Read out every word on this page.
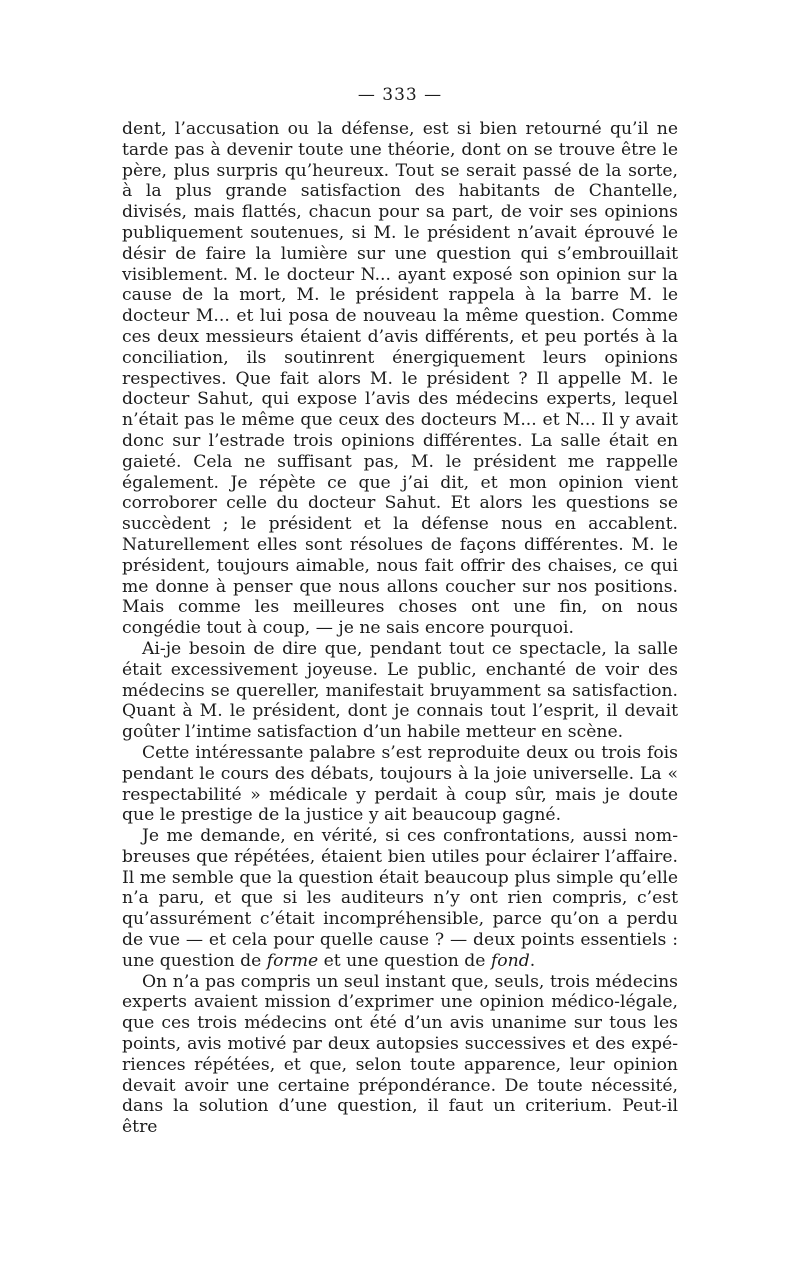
— 333 —

dent, l’accusation ou la défense, est si bien retourné qu’il ne tarde pas à devenir toute une théorie, dont on se trouve être le père, plus surpris qu’heureux. Tout se serait passé de la sorte, à la plus grande satisfaction des habitants de Chantelle, divisés, mais flattés, chacun pour sa part, de voir ses opinions publiquement soutenues, si M. le président n’avait éprouvé le désir de faire la lumière sur une question qui s’embrouillait visiblement. M. le docteur N... ayant exposé son opinion sur la cause de la mort, M. le président rappela à la barre M. le docteur M... et lui posa de nouveau la même question. Comme ces deux messieurs étaient d’avis différents, et peu portés à la conciliation, ils soutinrent énergiquement leurs opinions respectives. Que fait alors M. le président ? Il appelle M. le docteur Sahut, qui expose l’avis des médecins experts, lequel n’était pas le même que ceux des docteurs M... et N... Il y avait donc sur l’estrade trois opinions différentes. La salle était en gaieté. Cela ne suffisant pas, M. le président me rappelle également. Je répète ce que j’ai dit, et mon opinion vient corroborer celle du docteur Sahut. Et alors les questions se succèdent ; le président et la défense nous en accablent. Naturellement elles sont résolues de façons différentes. M. le président, toujours aimable, nous fait offrir des chaises, ce qui me donne à penser que nous allons coucher sur nos positions. Mais comme les meilleures choses ont une fin, on nous congédie tout à coup, — je ne sais encore pourquoi.

Ai-je besoin de dire que, pendant tout ce spectacle, la salle était excessivement joyeuse. Le public, enchanté de voir des médecins se quereller, manifestait bruyamment sa satisfaction. Quant à M. le président, dont je connais tout l’esprit, il devait goûter l’intime satisfaction d’un habile metteur en scène.

Cette intéressante palabre s’est reproduite deux ou trois fois pendant le cours des débats, toujours à la joie universelle. La « respectabilité » médicale y perdait à coup sûr, mais je doute que le prestige de la justice y ait beaucoup gagné.

Je me demande, en vérité, si ces confrontations, aussi nombreuses que répétées, étaient bien utiles pour éclairer l’affaire. Il me semble que la question était beaucoup plus simple qu’elle n’a paru, et que si les auditeurs n’y ont rien compris, c’est qu’assurément c’était incompréhensible, parce qu’on a perdu de vue — et cela pour quelle cause ? — deux points essentiels : une question de forme et une question de fond.

On n’a pas compris un seul instant que, seuls, trois médecins experts avaient mission d’exprimer une opinion médico-légale, que ces trois médecins ont été d’un avis unanime sur tous les points, avis motivé par deux autopsies successives et des expériences répétées, et que, selon toute apparence, leur opinion devait avoir une certaine prépondérance. De toute nécessité, dans la solution d’une question, il faut un criterium. Peut-il être
